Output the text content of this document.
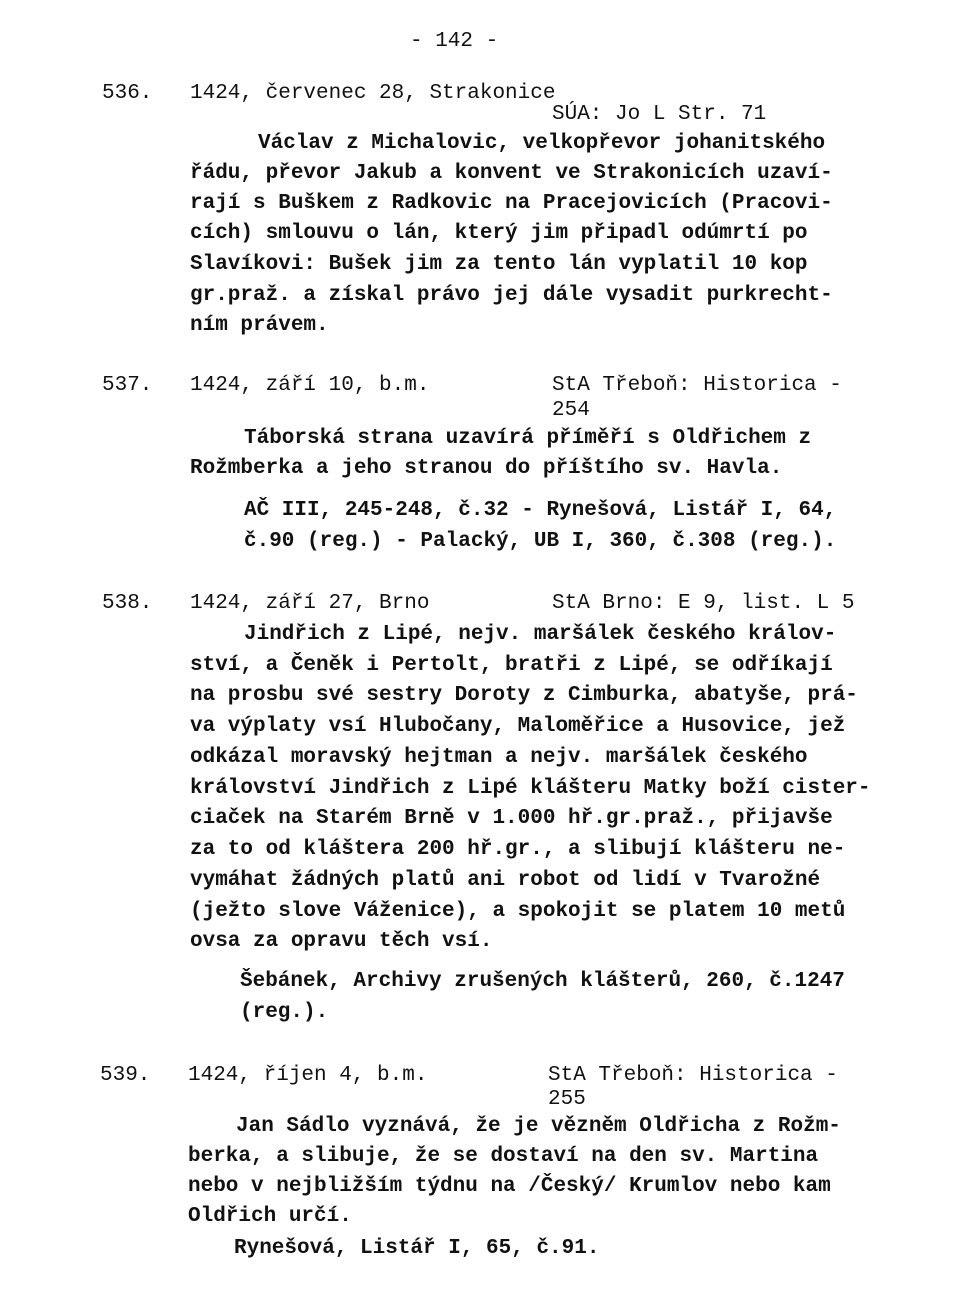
- 142 -
536. 1424, červenec 28, Strakonice
SÚA: Jo L Str. 71
Václav z Michalovic, velkopřevor johanitského
řádu, převor Jakub a konvent ve Strakonicích uzaví-
rají s Buškem z Radkovic na Pracejovicích (Pracovi-
cích) smlouvu o lán, který jim připadl odúmrtí po
Slavíkovi: Bušek jim za tento lán vyplatil 10 kop
gr.praž. a získal právo jej dále vysadit purkrecht-
ním právem.
537. 1424, září 10, b.m.	StA Třeboň: Historica -
254
Táborská strana uzavírá příměří s Oldřichem z
Rožmberka a jeho stranou do příštího sv. Havla.
AČ III, 245-248, č.32 - Rynešová, Listář I, 64,
č.90 (reg.) - Palacký, UB I, 360, č.308 (reg.).
538. 1424, září 27, Brno	StA Brno: E 9, list. L 5
Jindřich z Lipé, nejv. maršálek českého králov-
ství, a Čeněk i Pertolt, bratři z Lipé, se odříkají
na prosbu své sestry Doroty z Cimburka, abatyše, prá-
va výplaty vsí Hlubočany, Maloměřice a Husovice, jež
odkázal moravský hejtman a nejv. maršálek českého
království Jindřich z Lipé klášteru Matky boží cister-
ciaček na Starém Brně v 1.000 hř.gr.praž., přijavše
za to od kláštera 200 hř.gr., a slibují klášteru ne-
vymáhat žádných platů ani robot od lidí v Tvarožné
(ježto slove Váženice), a spokojit se platem 10 metů
ovsa za opravu těch vsí.
Šebánek, Archivy zrušených klášterů, 260, č.1247
(reg.).
539. 1424, říjen 4, b.m.	StA Třeboň: Historica -
255
Jan Sádlo vyznává, že je vězněm Oldřicha z Rožm-
berka, a slibuje, že se dostaví na den sv. Martina
nebo v nejbližším týdnu na /Český/ Krumlov nebo kam
Oldřich určí.
Rynešová, Listář I, 65, č.91.
